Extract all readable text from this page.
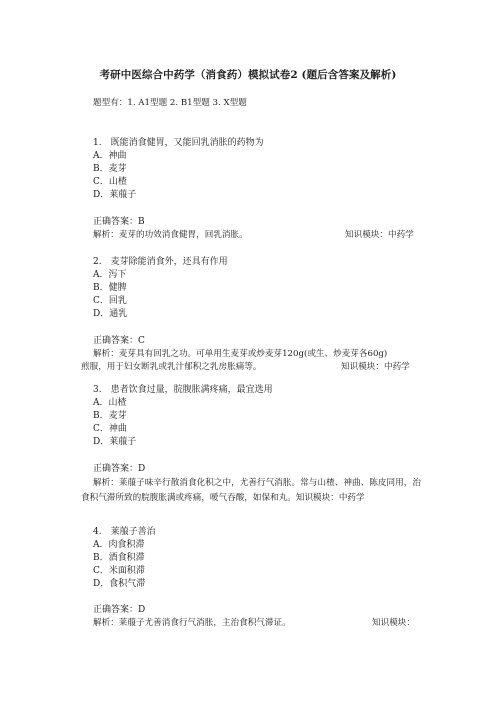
考研中医综合中药学（消食药）模拟试卷2 (题后含答案及解析)
题型有：1. A1型题 2. B1型题 3. X型题
1.　既能消食健胃，又能回乳消胀的药物为
A．神曲
B．麦芽
C．山楂
D．莱菔子
正确答案：B
解析：麦芽的功效消食健胃，回乳消胀。	知识模块：中药学
2.　麦芽除能消食外，还具有作用
A．泻下
B．健脾
C．回乳
D．通乳
正确答案：C
解析：麦芽具有回乳之功。可单用生麦芽或炒麦芽120g(或生、炒麦芽各60g)
煎服，用于妇女断乳或乳汁郁积之乳房胀痛等。	知识模块：中药学
3.　患者饮食过量，脘腹胀满疼痛，最宜选用
A．山楂
B．麦芽
C．神曲
D．莱菔子
正确答案：D
解析：莱菔子味辛行散消食化积之中，尤善行气消胀。常与山楂、神曲、陈皮同用，治食积气滞所致的脘腹胀满或疼痛，嗳气吞酸，如保和丸。知识模块：中药学
4.　莱菔子善治
A．肉食积滞
B．酒食积滞
C．米面积滞
D．食积气滞
正确答案：D
解析：莱菔子尤善消食行气消胀，主治食积气滞证。	知识模块：
